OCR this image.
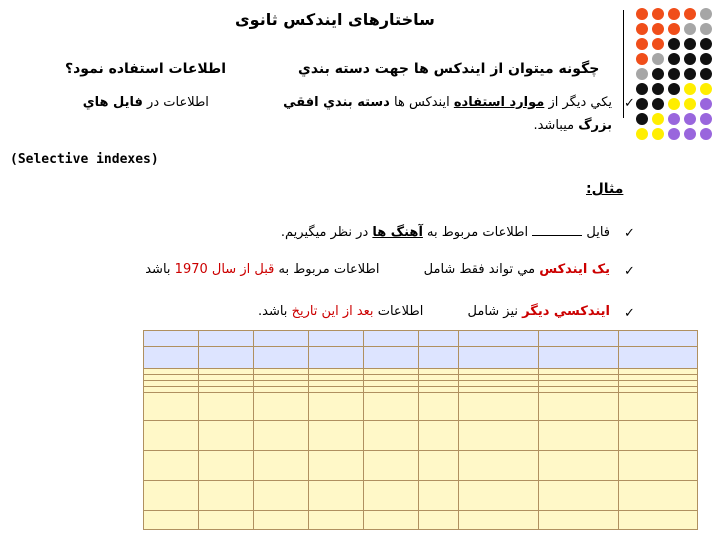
ساختارهای ایندکس ثانوی
چگونه میتوان از ایندکس ها جهت دسته بندي
اطلاعات استفاده نمود؟
✓
يکي ديگر از موارد استفاده ایندکس ها دسته بندي افقي اطلاعات در فايل هاي
بزرگ ميباشد.
(Selective indexes)
مثال:
✓
فايل  اطلاعات مربوط به آهنگ ها در نظر ميگيريم.
✓
يک ایندکس مي تواند فقط شامل اطلاعات مربوط به قبل از سال 1970 باشد
✓
ایندکسي ديگر نيز شامل اطلاعات بعد از اين تاريخ باشد.
